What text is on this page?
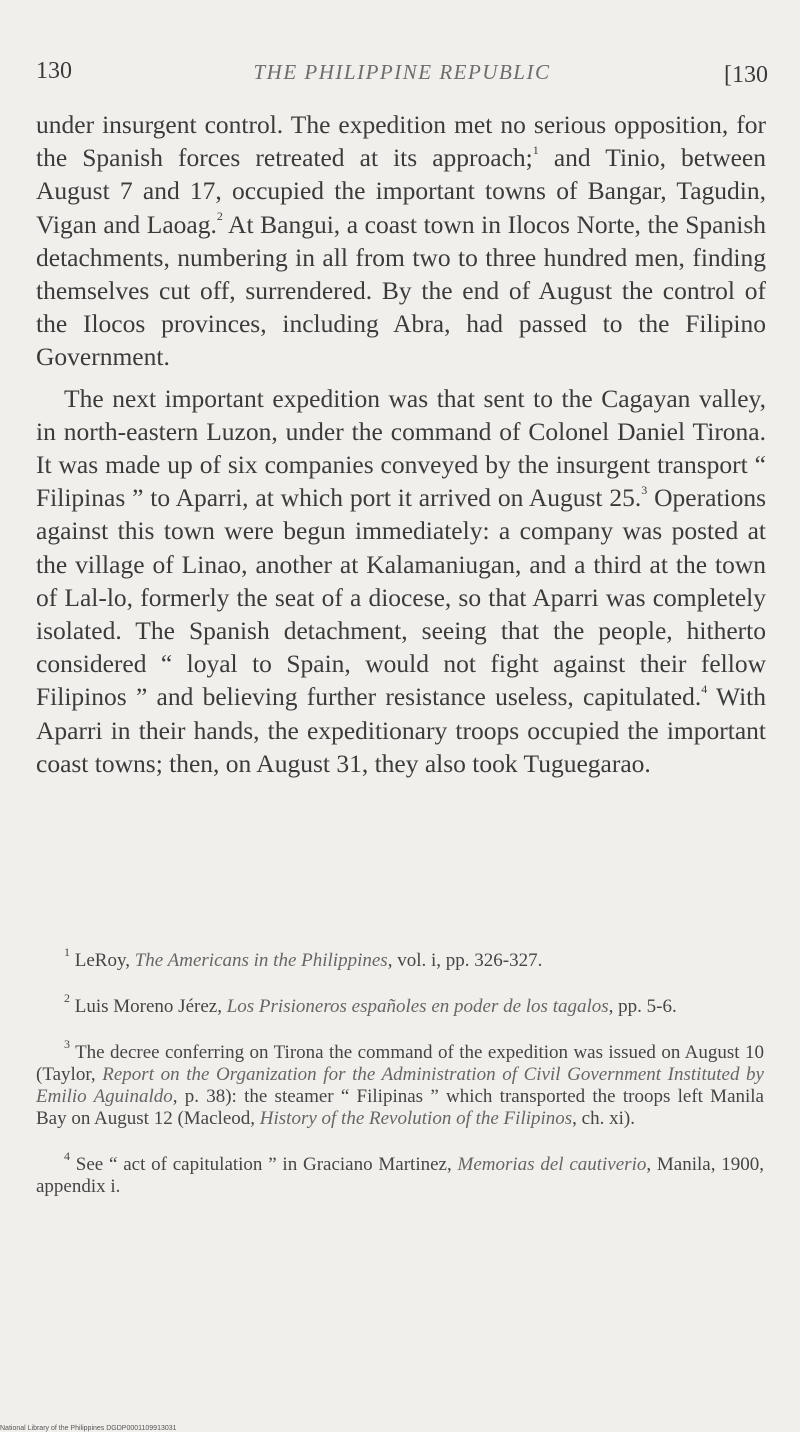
130	THE PHILIPPINE REPUBLIC	[130

under insurgent control. The expedition met no serious opposition, for the Spanish forces retreated at its approach;$^1$ and Tinio, between August 7 and 17, occupied the important towns of Bangar, Tagudin, Vigan and Laoag.$^2$ At Bangui, a coast town in Ilocos Norte, the Spanish detachments, numbering in all from two to three hundred men, finding themselves cut off, surrendered. By the end of August the control of the Ilocos provinces, including Abra, had passed to the Filipino Government.

The next important expedition was that sent to the Cagayan valley, in north-eastern Luzon, under the command of Colonel Daniel Tirona. It was made up of six companies conveyed by the insurgent transport “ Filipinas ” to Aparri, at which port it arrived on August 25.$^3$ Operations against this town were begun immediately: a company was posted at the village of Linao, another at Kalamaniugan, and a third at the town of Lal-lo, formerly the seat of a diocese, so that Aparri was completely isolated. The Spanish detachment, seeing that the people, hitherto considered “ loyal to Spain, would not fight against their fellow Filipinos ” and believing further resistance useless, capitulated.$^4$ With Aparri in their hands, the expeditionary troops occupied the important coast towns; then, on August 31, they also took Tuguegarao.

$^1$ LeRoy, The Americans in the Philippines, vol. i, pp. 326-327.

$^2$ Luis Moreno Jérez, Los Prisioneros españoles en poder de los tagalos, pp. 5-6.

$^3$ The decree conferring on Tirona the command of the expedition was issued on August 10 (Taylor, Report on the Organization for the Administration of Civil Government Instituted by Emilio Aguinaldo, p. 38): the steamer “ Filipinas ” which transported the troops left Manila Bay on August 12 (Macleod, History of the Revolution of the Filipinos, ch. xi).

$^4$ See “ act of capitulation ” in Graciano Martinez, Memorias del cautiverio, Manila, 1900, appendix i.

National Library of the Philippines DGDP0001109913031
